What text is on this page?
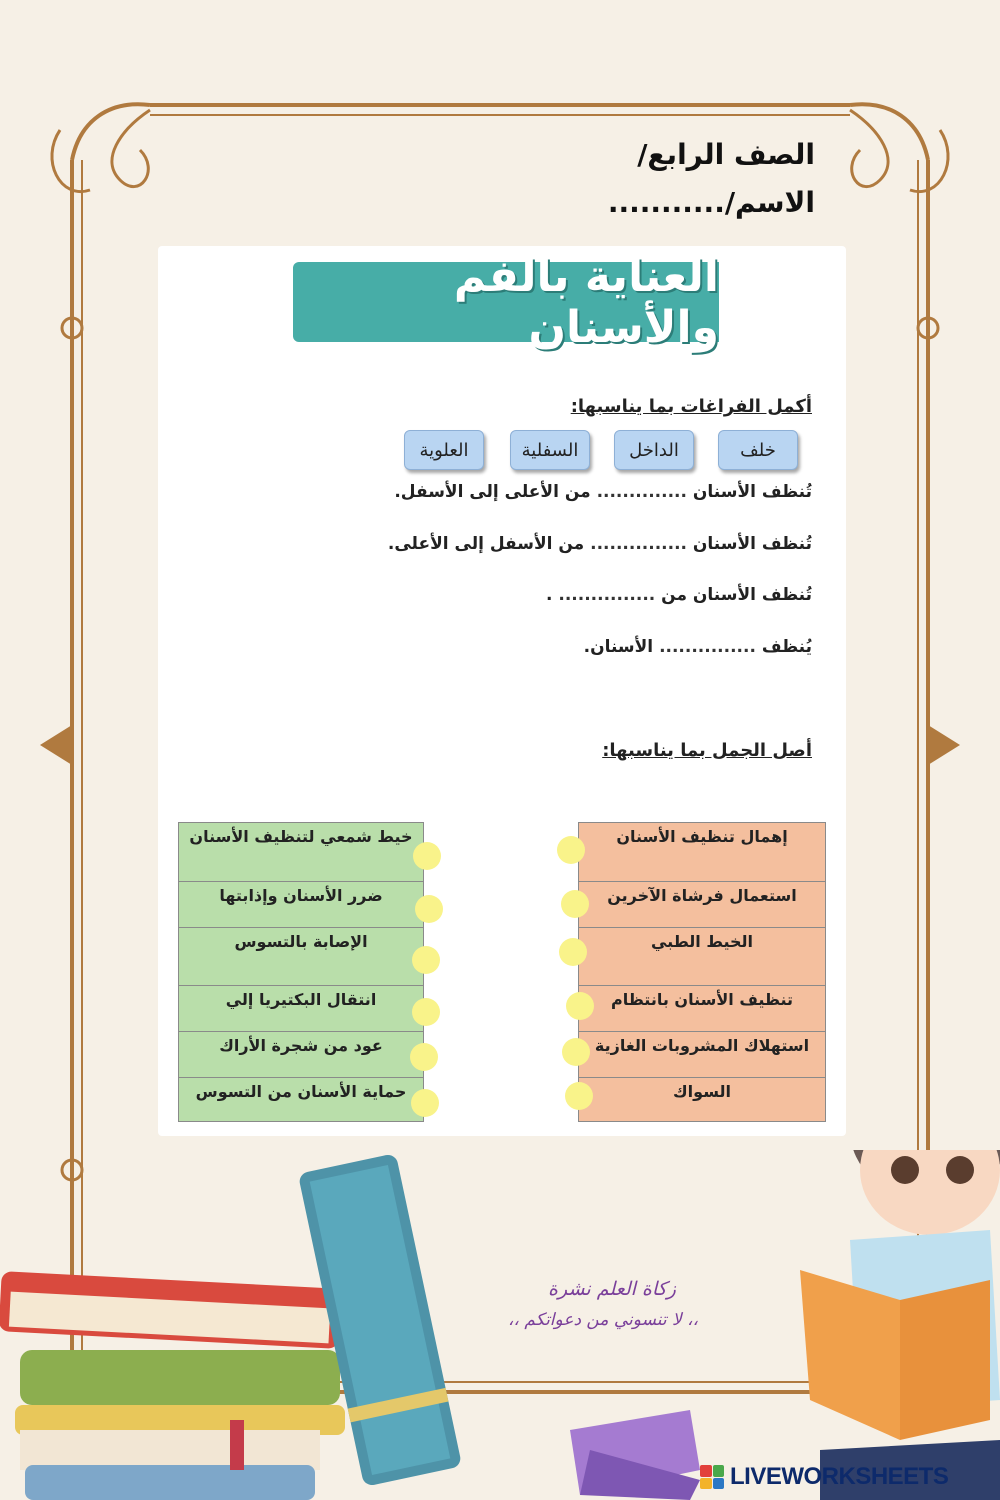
الصف الرابع/
الاسم/...........
العناية بالفم والأسنان
أكمل الفراغات بما يناسبها:
خلف
الداخل
السفلية
العلوية
تُنظف الأسنان .............. من الأعلى إلى الأسفل.
تُنظف الأسنان ............... من الأسفل إلى الأعلى.
تُنظف الأسنان من ............... .
يُنظف ............... الأسنان.
أصل الجمل بما يناسبها:
إهمال تنظيف الأسنان
استعمال فرشاة الآخرين
الخيط الطبي
تنظيف الأسنان بانتظام
استهلاك المشروبات الغازية
السواك
خيط شمعي لتنظيف الأسنان
ضرر الأسنان وإذابتها
الإصابة بالتسوس
انتقال البكتيريا إلي
عود من شجرة الأراك
حماية الأسنان من التسوس
زكاة العلم نشرة
،، لا تنسوني من دعواتكم ،،
LIVEWORKSHEETS
